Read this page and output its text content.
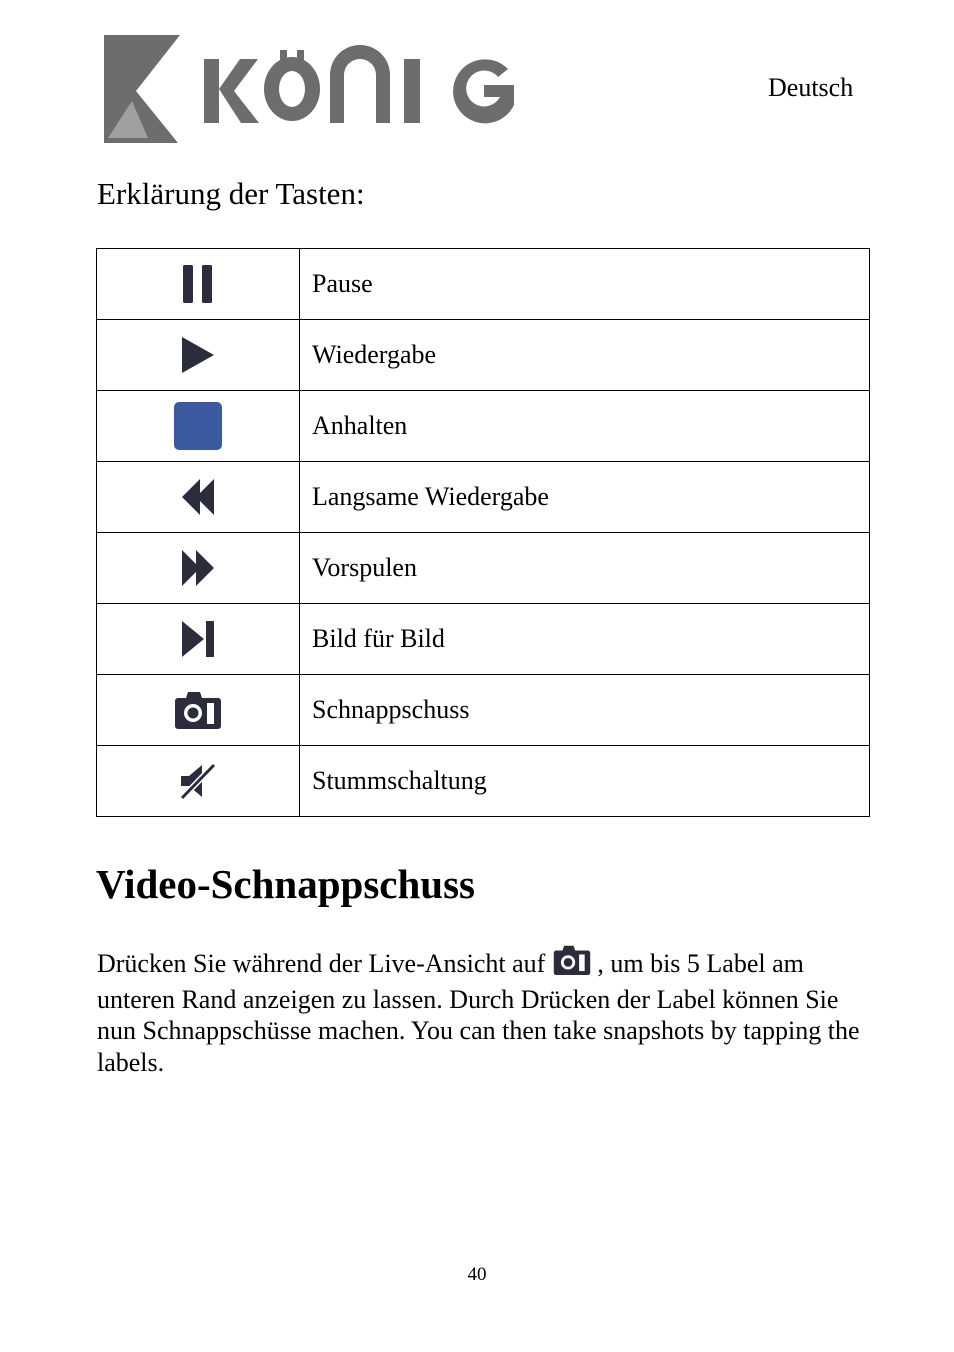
Deutsch
Erklärung der Tasten:
	Pause
	Wiedergabe
	Anhalten
	Langsame Wiedergabe
	Vorspulen
	Bild für Bild
	Schnappschuss
	Stummschaltung
Video-Schnappschuss
Drücken Sie während der Live-Ansicht auf , um bis 5 Label am unteren Rand anzeigen zu lassen. Durch Drücken der Label können Sie nun Schnappschüsse machen. You can then take snapshots by tapping the labels.
40
